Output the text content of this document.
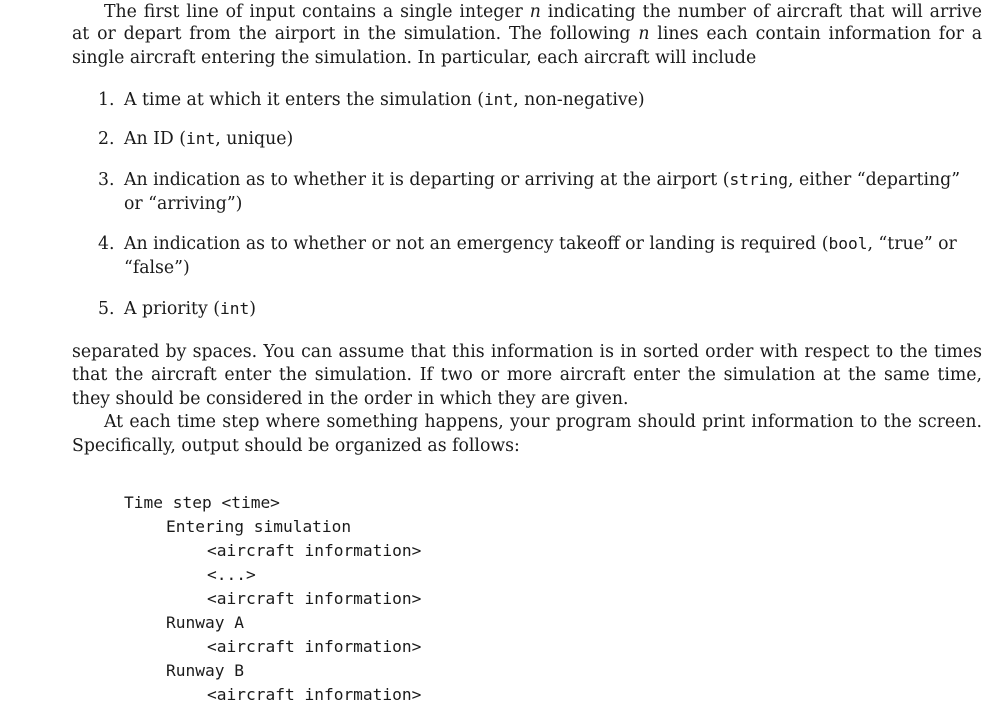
The first line of input contains a single integer n indicating the number of aircraft that will arrive
at or depart from the airport in the simulation. The following n lines each contain information for a
single aircraft entering the simulation. In particular, each aircraft will include
1. A time at which it enters the simulation (int, non-negative)
2. An ID (int, unique)
3. An indication as to whether it is departing or arriving at the airport (string, either “departing”
or “arriving”)
4. An indication as to whether or not an emergency takeoff or landing is required (bool, “true” or
“false”)
5. A priority (int)
separated by spaces. You can assume that this information is in sorted order with respect to the times
that the aircraft enter the simulation. If two or more aircraft enter the simulation at the same time,
they should be considered in the order in which they are given.
At each time step where something happens, your program should print information to the screen.
Specifically, output should be organized as follows:
Time step <time>
Entering simulation
<aircraft information>
<...>
<aircraft information>
Runway A
<aircraft information>
Runway B
<aircraft information>
